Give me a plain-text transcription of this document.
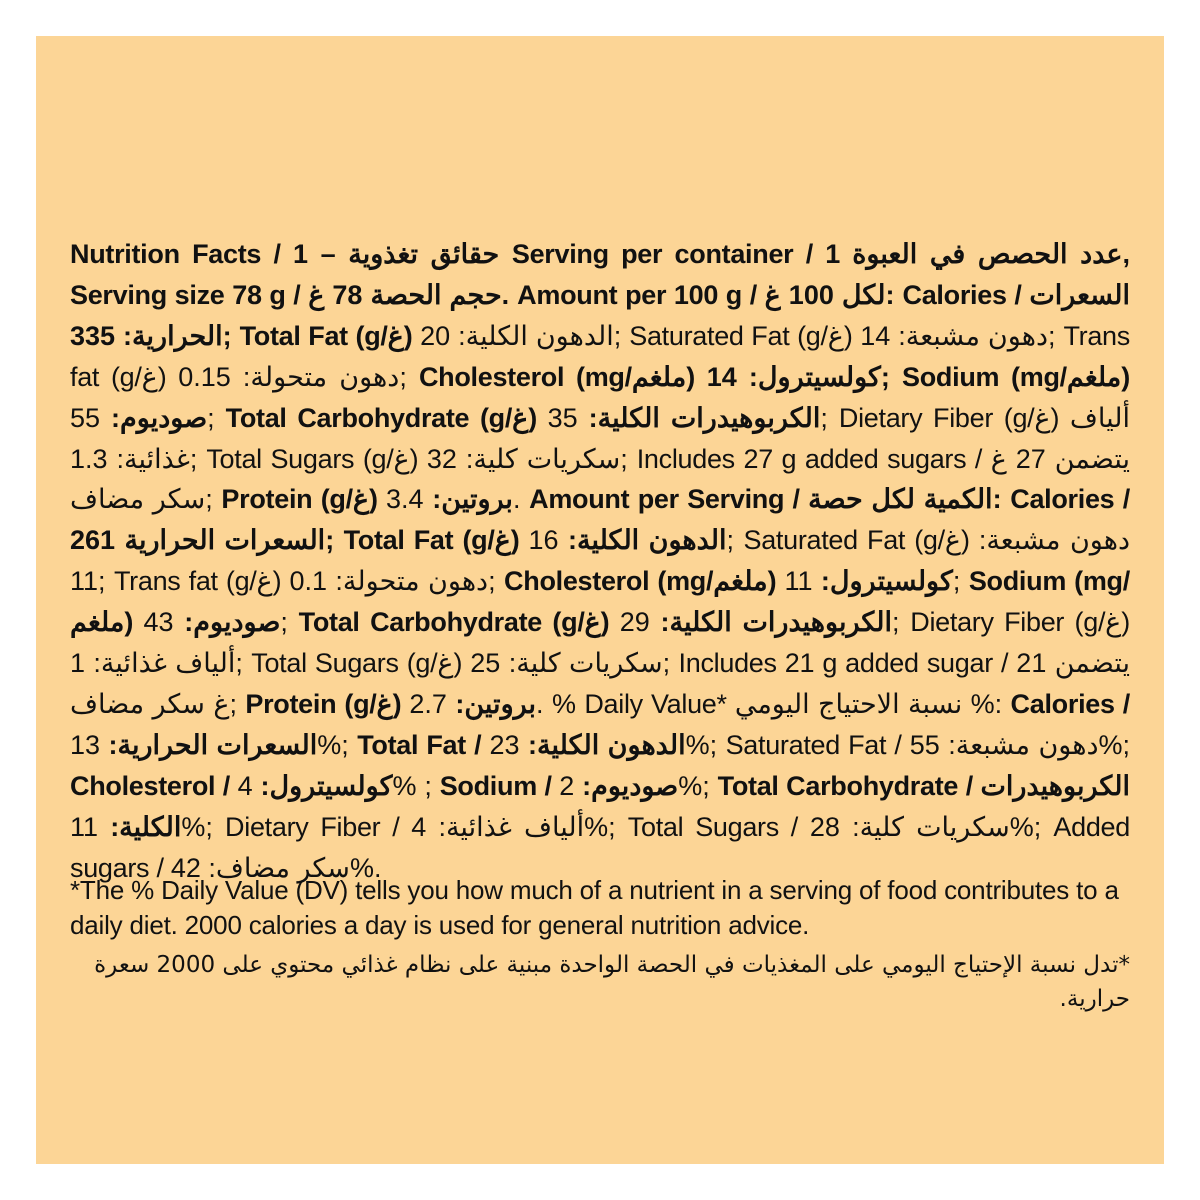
Nutrition Facts / حقائق تغذوية – 1 Serving per container / 1 عدد الحصص في العبوة, Serving size 78 g / حجم الحصة 78 غ. Amount per 100 g / لكل 100 غ: Calories / السعرات الحرارية: 335; Total Fat (g/غ) الدهون الكلية: 20; Saturated Fat (g/غ) دهون مشبعة: 14; Trans fat (g/غ) دهون متحولة: 0.15; Cholesterol (mg/ملغم) كولسيترول: 14; Sodium (mg/ملغم) صوديوم: 55; Total Carbohydrate (g/غ) الكربوهيدرات الكلية: 35; Dietary Fiber (g/غ) ألياف غذائية: 1.3; Total Sugars (g/غ) سكريات كلية: 32; Includes 27 g added sugars / يتضمن 27 غ سكر مضاف; Protein (g/غ) بروتين: 3.4. Amount per Serving / الكمية لكل حصة: Calories / السعرات الحرارية 261; Total Fat (g/غ) الدهون الكلية: 16; Saturated Fat (g/غ) دهون مشبعة: 11; Trans fat (g/غ) دهون متحولة: 0.1; Cholesterol (mg/ملغم) كولسيترول: 11; Sodium (mg/ملغم) صوديوم: 43; Total Carbohydrate (g/غ) الكربوهيدرات الكلية: 29; Dietary Fiber (g/غ) ألياف غذائية: 1; Total Sugars (g/غ) سكريات كلية: 25; Includes 21 g added sugar / يتضمن 21 غ سكر مضاف; Protein (g/غ) بروتين: 2.7. % Daily Value* نسبة الاحتياج اليومي %: Calories / السعرات الحرارية: 13%; Total Fat / الدهون الكلية: 23%; Saturated Fat / دهون مشبعة: 55%; Cholesterol / كولسيترول: 4% ; Sodium / صوديوم: 2%; Total Carbohydrate / الكربوهيدرات الكلية: 11%; Dietary Fiber / ألياف غذائية: 4%; Total Sugars / سكريات كلية: 28%; Added sugars / سكر مضاف: 42%.
*The % Daily Value (DV) tells you how much of a nutrient in a serving of food contributes to a daily diet. 2000 calories a day is used for general nutrition advice.
*تدل نسبة الإحتياج اليومي على المغذيات في الحصة الواحدة مبنية على نظام غذائي محتوي على 2000 سعرة حرارية.
